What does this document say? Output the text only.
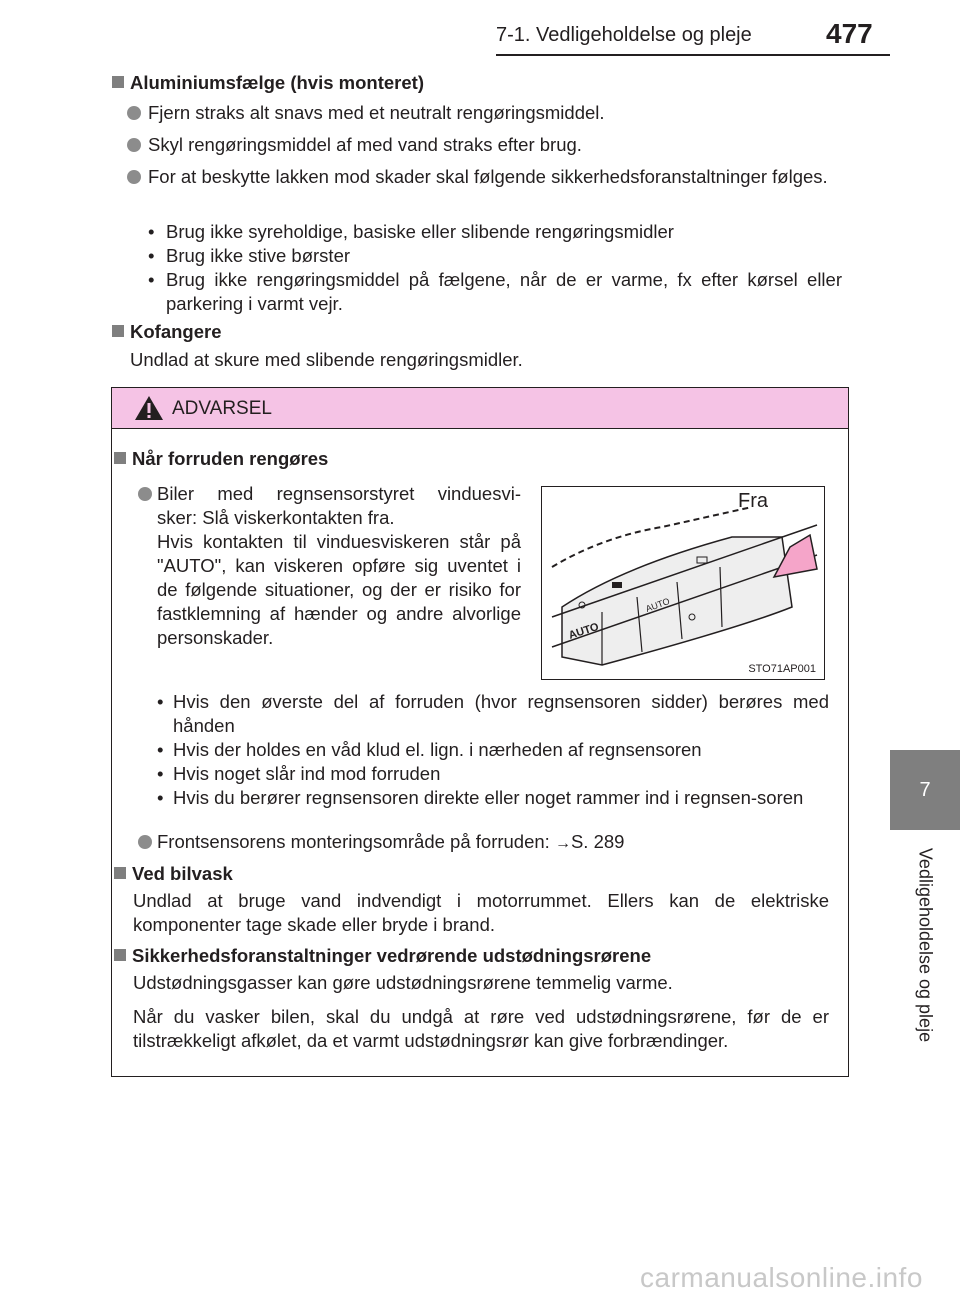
7-1. Vedligeholdelse og pleje	477
7
Vedligeholdelse og pleje
Aluminiumsfælge (hvis monteret)
Fjern straks alt snavs med et neutralt rengøringsmiddel.
Skyl rengøringsmiddel af med vand straks efter brug.
For at beskytte lakken mod skader skal følgende sikkerhedsforanstaltninger følges.
• Brug ikke syreholdige, basiske eller slibende rengøringsmidler
• Brug ikke stive børster
• Brug ikke rengøringsmiddel på fælgene, når de er varme, fx efter kørsel eller parkering i varmt vejr.
Kofangere
Undlad at skure med slibende rengøringsmidler.
ADVARSEL
Når forruden rengøres
Biler med regnsensorstyret vinduesvi-
sker: Slå viskerkontakten fra.
Hvis kontakten til vinduesviskeren står på "AUTO", kan viskeren opføre sig uventet i de følgende situationer, og der er risiko for fastklemning af hænder og andre alvorlige personskader.	AUTO
AUTO
Fra
STO71AP001
• Hvis den øverste del af forruden (hvor regnsensoren sidder) berøres med hånden
• Hvis der holdes en våd klud el. lign. i nærheden af regnsensoren
• Hvis noget slår ind mod forruden
• Hvis du berører regnsensoren direkte eller noget rammer ind i regnsen-soren
Frontsensorens monteringsområde på forruden: →S. 289
Ved bilvask
Undlad at bruge vand indvendigt i motorrummet. Ellers kan de elektriske komponenter tage skade eller bryde i brand.
Sikkerhedsforanstaltninger vedrørende udstødningsrørene
Udstødningsgasser kan gøre udstødningsrørene temmelig varme.
Når du vasker bilen, skal du undgå at røre ved udstødningsrørene, før de er tilstrækkeligt afkølet, da et varmt udstødningsrør kan give forbrændinger.
carmanualsonline.info
